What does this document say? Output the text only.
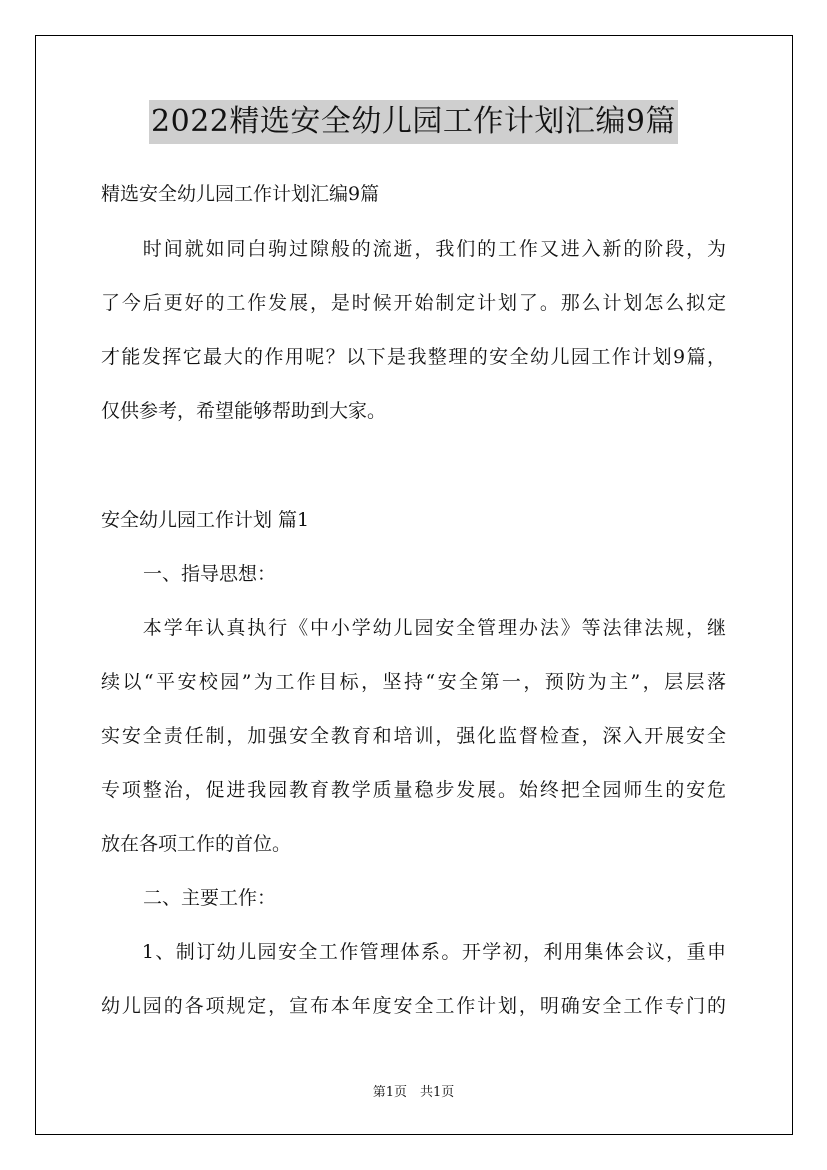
2022精选安全幼儿园工作计划汇编9篇
精选安全幼儿园工作计划汇编9篇
　　时间就如同白驹过隙般的流逝，我们的工作又进入新的阶段，为
了今后更好的工作发展，是时候开始制定计划了。那么计划怎么拟定
才能发挥它最大的作用呢？以下是我整理的安全幼儿园工作计划9篇，
仅供参考，希望能够帮助到大家。
安全幼儿园工作计划 篇1
一、指导思想：
　　本学年认真执行《中小学幼儿园安全管理办法》等法律法规，继
续以“平安校园”为工作目标，坚持“安全第一，预防为主”，层层落
实安全责任制，加强安全教育和培训，强化监督检查，深入开展安全
专项整治，促进我园教育教学质量稳步发展。始终把全园师生的安危
放在各项工作的首位。
二、主要工作：
　　1、制订幼儿园安全工作管理体系。开学初，利用集体会议，重申
幼儿园的各项规定，宣布本年度安全工作计划，明确安全工作专门的
第1页　共1页
